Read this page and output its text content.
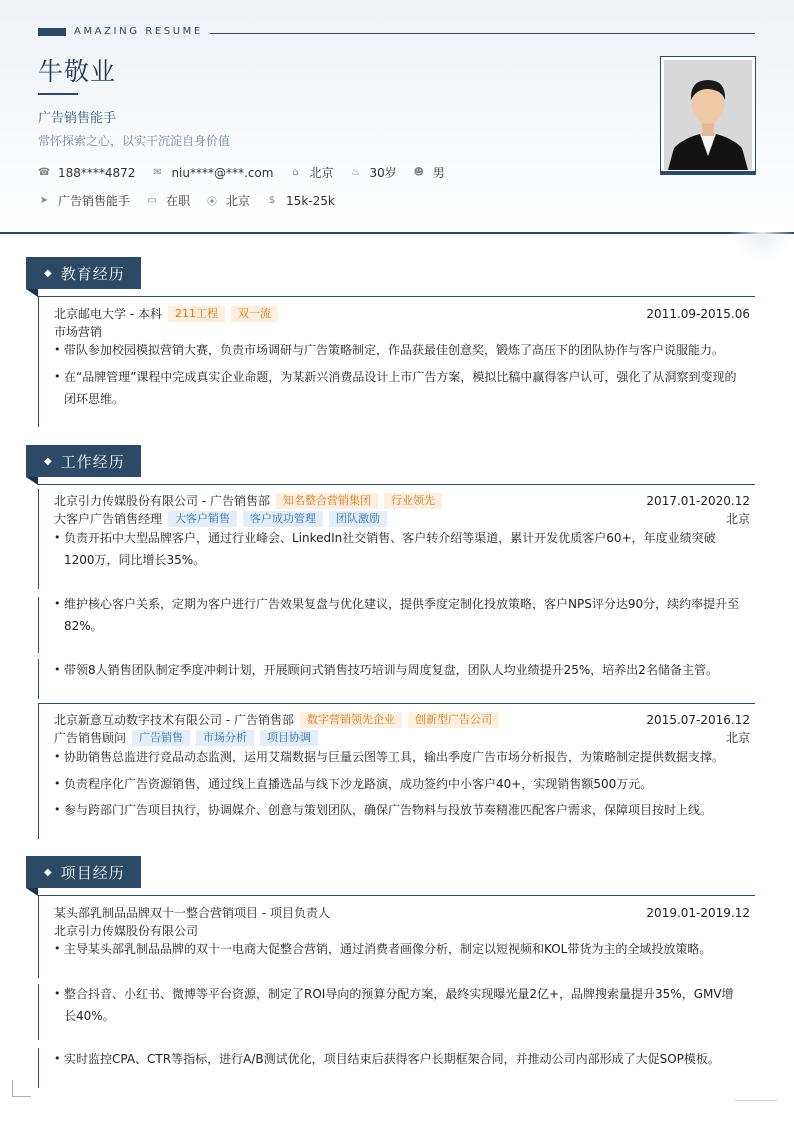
AMAZING RESUME
牛敬业
广告销售能手
常怀探索之心，以实干沉淀自身价值
☎ 188****4872 ✉ niu****@***.com ⌂ 北京 ♨ 30岁 ☻ 男
➤ 广告销售能手 ▭ 在职 ⦿ 北京 $ 15k-25k
◆ 教育经历
北京邮电大学 - 本科	211工程	双一流	2011.09-2015.06
市场营销
• 带队参加校园模拟营销大赛，负责市场调研与广告策略制定，作品获最佳创意奖，锻炼了高压下的团队协作与客户说服能力。
• 在“品牌管理”课程中完成真实企业命题，为某新兴消费品设计上市广告方案，模拟比稿中赢得客户认可，强化了从洞察到变现的闭环思维。
◆ 工作经历
北京引力传媒股份有限公司 - 广告销售部	知名整合营销集团	行业领先	2017.01-2020.12
大客户广告销售经理	大客户销售	客户成功管理	团队激励	北京
• 负责开拓中大型品牌客户，通过行业峰会、LinkedIn社交销售、客户转介绍等渠道，累计开发优质客户60+，年度业绩突破1200万，同比增长35%。
• 维护核心客户关系，定期为客户进行广告效果复盘与优化建议，提供季度定制化投放策略，客户NPS评分达90分，续约率提升至82%。
• 带领8人销售团队制定季度冲刺计划，开展顾问式销售技巧培训与周度复盘，团队人均业绩提升25%，培养出2名储备主管。
北京新意互动数字技术有限公司 - 广告销售部	数字营销领先企业	创新型广告公司	2015.07-2016.12
广告销售顾问	广告销售	市场分析	项目协调	北京
• 协助销售总监进行竞品动态监测，运用艾瑞数据与巨量云图等工具，输出季度广告市场分析报告，为策略制定提供数据支撑。
• 负责程序化广告资源销售，通过线上直播选品与线下沙龙路演，成功签约中小客户40+，实现销售额500万元。
• 参与跨部门广告项目执行，协调媒介、创意与策划团队，确保广告物料与投放节奏精准匹配客户需求，保障项目按时上线。
◆ 项目经历
某头部乳制品品牌双十一整合营销项目 - 项目负责人	2019.01-2019.12
北京引力传媒股份有限公司
• 主导某头部乳制品品牌的双十一电商大促整合营销，通过消费者画像分析，制定以短视频和KOL带货为主的全域投放策略。
• 整合抖音、小红书、微博等平台资源，制定了ROI导向的预算分配方案，最终实现曝光量2亿+，品牌搜索量提升35%，GMV增长40%。
• 实时监控CPA、CTR等指标，进行A/B测试优化，项目结束后获得客户长期框架合同，并推动公司内部形成了大促SOP模板。
